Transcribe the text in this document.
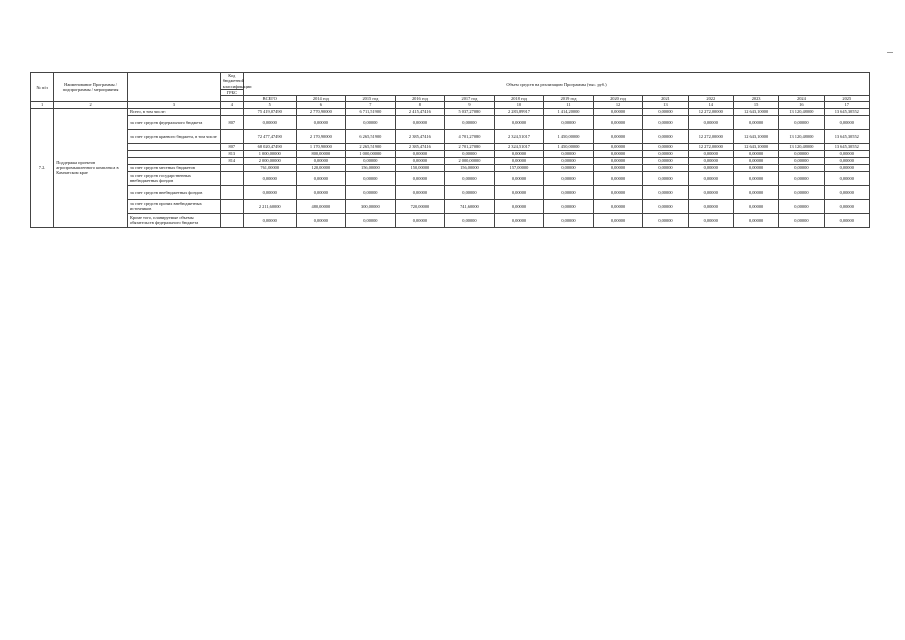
№ п/п	Наименование Программы / подпрограммы / мероприятия		Код бюджетной классификации	Объем средств на реализацию Программы (тыс. руб.)												
			ГРБС													
				ВСЕГО	2014 год	2015 год	2016 год	2017 год	2018 год	2019 год	2020 год	2021	2022	2023	2024	2025
1	2	3	4	5	6	7	8	9	10	11	12	13	14	15	16	17
7.2.	Поддержка проектов агропромышленного комплекса в Камчатском крае	Всего, в том числе:		75 419,07490	2 770,90000	6 711,51900	2 415,47416	5 037,27080	2 283,89917	1 414,20000	0,00000	0,00000	12 272,00000	12 643,10000	13 120,48000	13 645,30552
		за счет средств федерального бюджета	807	0,00000	0,00000	0,00000	0,00000	0,00000	0,00000	0,00000	0,00000	0,00000	0,00000	0,00000	0,00000	0,00000
		за счет средств краевого бюджета, в том числе		72 477,47490	2 170,90000	6 265,51900	2 385,47416	4 701,27080	2 324,51017	1 450,00000	0,00000	0,00000	12 272,00000	12 643,10000	13 120,48000	13 645,30552
			807	68 020,47490	1 170,90000	2 265,51900	2 385,47416	2 701,27080	2 324,51017	1 450,00000	0,00000	0,00000	12 272,00000	12 643,10000	13 120,48000	13 645,30552
			813	1 000,00000	800,00000	1 000,00000	0,00000	0,00000	0,00000	0,00000	0,00000	0,00000	0,00000	0,00000	0,00000	0,00000
			814	2 000,00000	0,00000	0,00000	0,00000	2 000,00000	0,00000	0,00000	0,00000	0,00000	0,00000	0,00000	0,00000	0,00000
		за счет средств местных бюджетов		761,00000	120,00000	156,00000	150,00000	156,00000	157,00000	0,00000	0,00000	0,00000	0,00000	0,00000	0,00000	0,00000
		за счет средств государственных внебюджетных фондов		0,00000	0,00000	0,00000	0,00000	0,00000	0,00000	0,00000	0,00000	0,00000	0,00000	0,00000	0,00000	0,00000
		за счет средств внебюджетных фондов		0,00000	0,00000	0,00000	0,00000	0,00000	0,00000	0,00000	0,00000	0,00000	0,00000	0,00000	0,00000	0,00000
		за счет средств прочих внебюджетных источников		2 211,60000	480,00000	300,00000	720,00000	741,60000	0,00000	0,00000	0,00000	0,00000	0,00000	0,00000	0,00000	0,00000
		Кроме того, планируемые объемы обязательств федерального бюджета		0,00000	0,00000	0,00000	0,00000	0,00000	0,00000	0,00000	0,00000	0,00000	0,00000	0,00000	0,00000	0,00000
